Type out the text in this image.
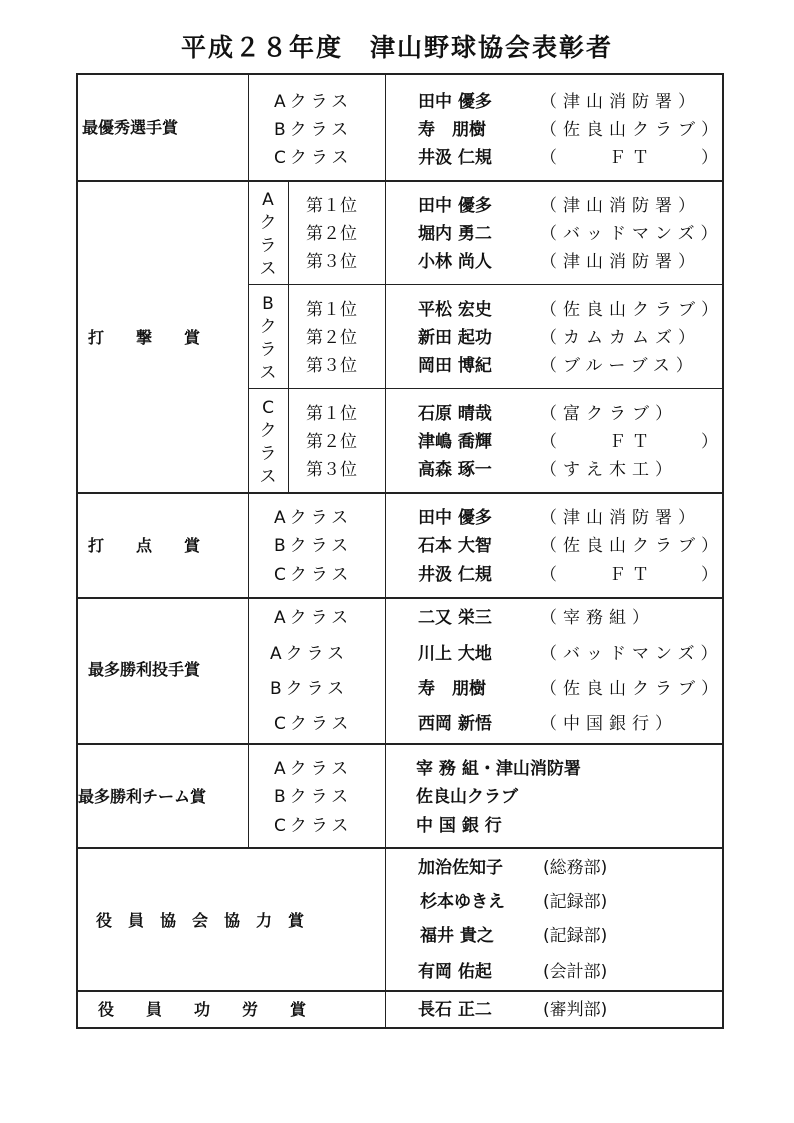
平成２８年度　津山野球協会表彰者
最優秀選手賞
Aクラス
Bクラス
Cクラス
田中 優多
寿　朋樹
井汲 仁規
（津山消防署）
（佐良山クラブ）
（　　ＦＴ　　）
打　　撃　　賞
Aクラス
第１位
第２位
第３位
田中 優多
堀内 勇二
小林 尚人
（津山消防署）
（バッドマンズ）
（津山消防署）
Bクラス
第１位
第２位
第３位
平松 宏史
新田 起功
岡田 博紀
（佐良山クラブ）
（カムカムズ）
（ブルーブス）
Cクラス
第１位
第２位
第３位
石原 晴哉
津嶋 喬輝
高森 琢一
（富クラブ）
（　　ＦＴ　　）
（すえ木工）
打　　点　　賞
Aクラス
Bクラス
Cクラス
田中 優多
石本 大智
井汲 仁規
（津山消防署）
（佐良山クラブ）
（　　ＦＴ　　）
最多勝利投手賞
Aクラス
Aクラス
Bクラス
Cクラス
二又 栄三
川上 大地
寿　朋樹
西岡 新悟
（宰務組）
（バッドマンズ）
（佐良山クラブ）
（中国銀行）
最多勝利チーム賞
Aクラス
Bクラス
Cクラス
宰 務 組・津山消防署
佐良山クラブ
中 国 銀 行
役　員　協　会　協　力　賞
加治佐知子
杉本ゆきえ
福井 貴之
有岡 佑起
(総務部)
(記録部)
(記録部)
(会計部)
役　　員　　功　　労　　賞	長石 正二	(審判部)
